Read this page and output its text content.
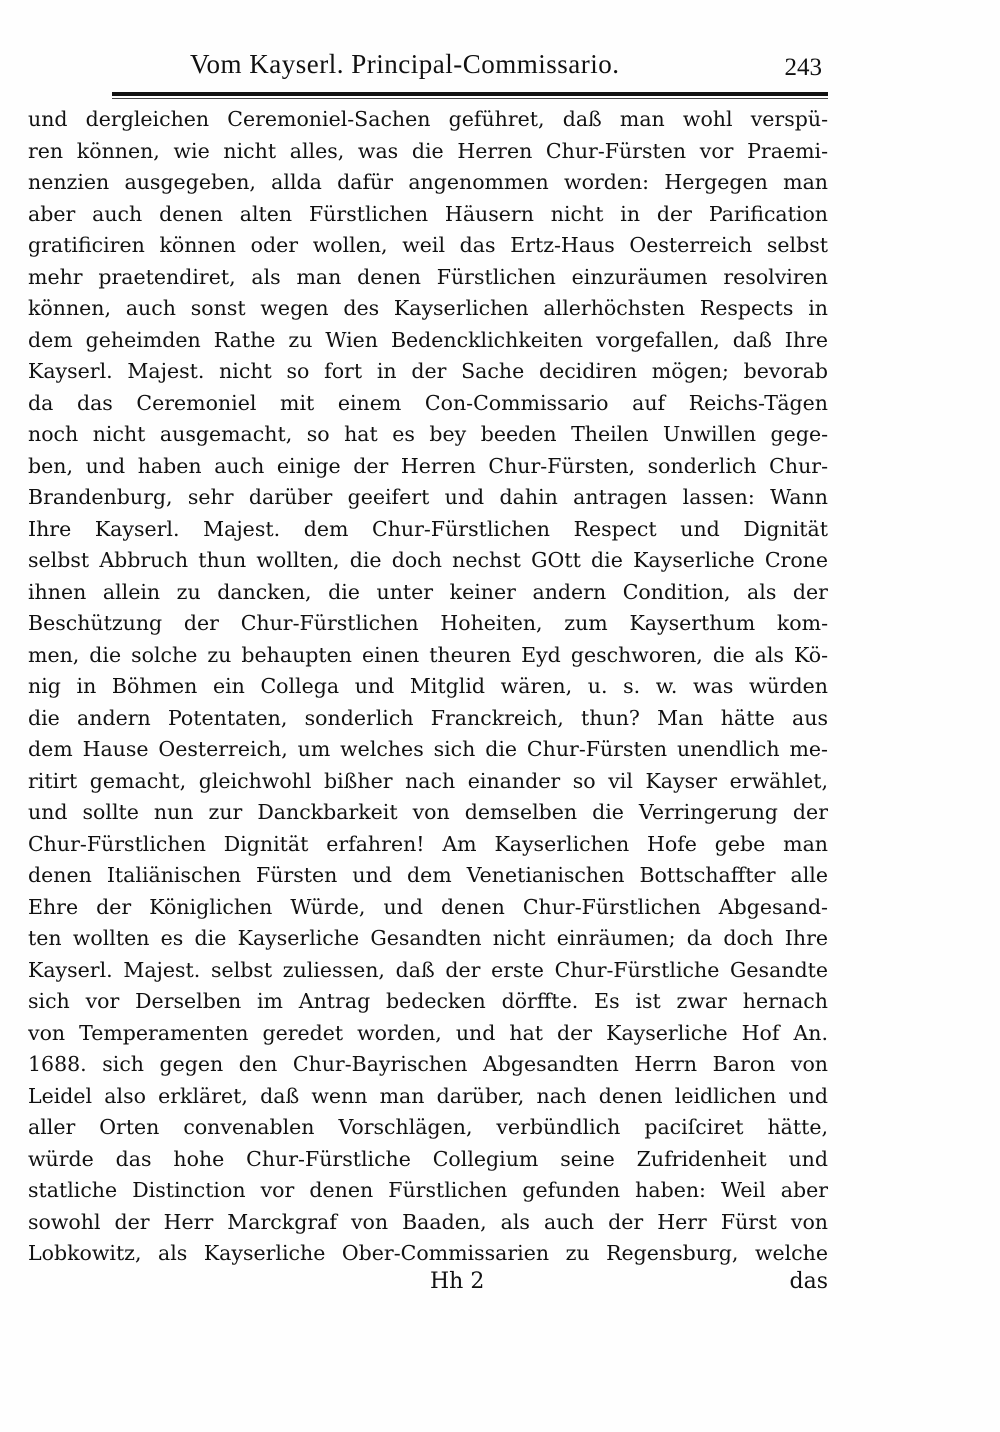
Vom Kayserl. Principal-Commissario.	243
und dergleichen Ceremoniel-Sachen geführet, daß man wohl verspü-
ren können, wie nicht alles, was die Herren Chur-Fürsten vor Praemi-
nenzien ausgegeben, allda dafür angenommen worden: Hergegen man
aber auch denen alten Fürstlichen Häusern nicht in der Parification
gratificiren können oder wollen, weil das Ertz-Haus Oesterreich selbst
mehr praetendiret, als man denen Fürstlichen einzuräumen resolviren
können, auch sonst wegen des Kayserlichen allerhöchsten Respects in
dem geheimden Rathe zu Wien Bedencklichkeiten vorgefallen, daß Ihre
Kayserl. Majest. nicht so fort in der Sache decidiren mögen; bevorab
da das Ceremoniel mit einem Con-Commissario auf Reichs-Tägen
noch nicht ausgemacht, so hat es bey beeden Theilen Unwillen gege-
ben, und haben auch einige der Herren Chur-Fürsten, sonderlich Chur-
Brandenburg, sehr darüber geeifert und dahin antragen lassen: Wann
Ihre Kayserl. Majest. dem Chur-Fürstlichen Respect und Dignität
selbst Abbruch thun wollten, die doch nechst GOtt die Kayserliche Crone
ihnen allein zu dancken, die unter keiner andern Condition, als der
Beschützung der Chur-Fürstlichen Hoheiten, zum Kayserthum kom-
men, die solche zu behaupten einen theuren Eyd geschworen, die als Kö-
nig in Böhmen ein Collega und Mitglid wären, u. s. w. was würden
die andern Potentaten, sonderlich Franckreich, thun? Man hätte aus
dem Hause Oesterreich, um welches sich die Chur-Fürsten unendlich me-
ritirt gemacht, gleichwohl bißher nach einander so vil Kayser erwählet,
und sollte nun zur Danckbarkeit von demselben die Verringerung der
Chur-Fürstlichen Dignität erfahren! Am Kayserlichen Hofe gebe man
denen Italiänischen Fürsten und dem Venetianischen Bottschaffter alle
Ehre der Königlichen Würde, und denen Chur-Fürstlichen Abgesand-
ten wollten es die Kayserliche Gesandten nicht einräumen; da doch Ihre
Kayserl. Majest. selbst zuliessen, daß der erste Chur-Fürstliche Gesandte
sich vor Derselben im Antrag bedecken dörffte. Es ist zwar hernach
von Temperamenten geredet worden, und hat der Kayserliche Hof An.
1688. sich gegen den Chur-Bayrischen Abgesandten Herrn Baron von
Leidel also erkläret, daß wenn man darüber, nach denen leidlichen und
aller Orten convenablen Vorschlägen, verbündlich paciſciret hätte,
würde das hohe Chur-Fürstliche Collegium seine Zufridenheit und
statliche Distinction vor denen Fürstlichen gefunden haben: Weil aber
sowohl der Herr Marckgraf von Baaden, als auch der Herr Fürst von
Lobkowitz, als Kayserliche Ober-Commissarien zu Regensburg, welche
Hh 2	das
